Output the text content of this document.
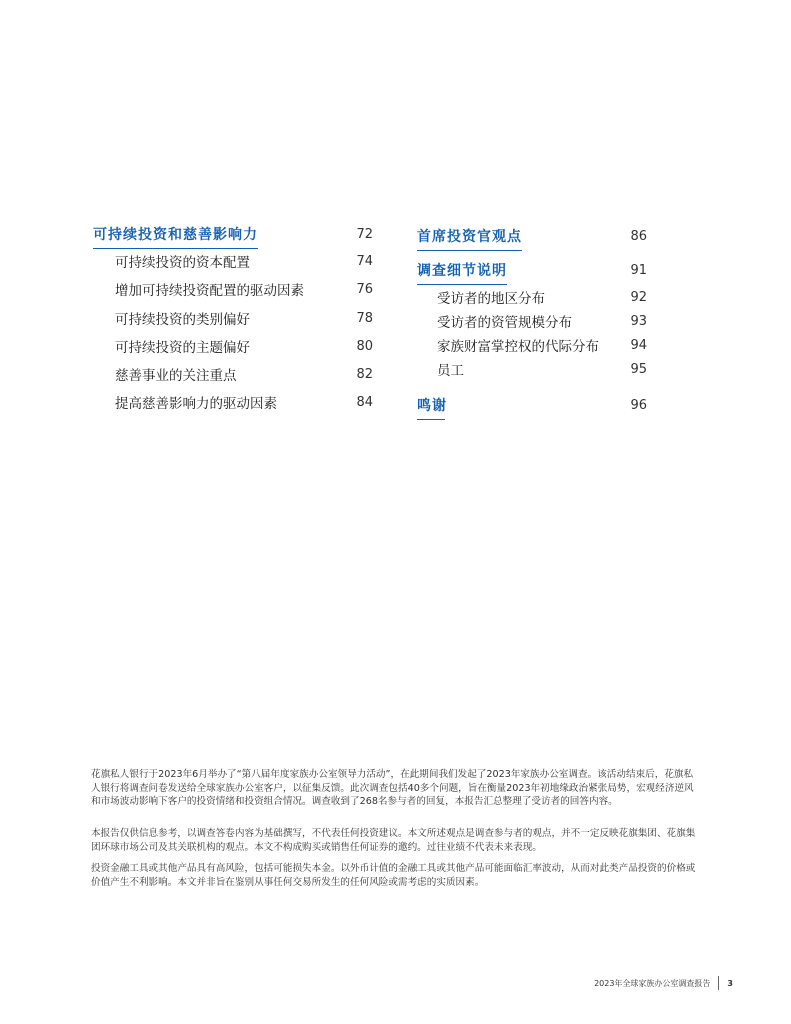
可持续投资和慈善影响力	72
可持续投资的资本配置	74
增加可持续投资配置的驱动因素	76
可持续投资的类别偏好	78
可持续投资的主题偏好	80
慈善事业的关注重点	82
提高慈善影响力的驱动因素	84
首席投资官观点	86
调查细节说明	91
受访者的地区分布	92
受访者的资管规模分布	93
家族财富掌控权的代际分布	94
员工	95
鸣谢	96

花旗私人银行于2023年6月举办了“第八届年度家族办公室领导力活动”，在此期间我们发起了2023年家族办公室调查。该活动结束后，花旗私人银行将调查问卷发送给全球家族办公室客户，以征集反馈。此次调查包括40多个问题，旨在衡量2023年初地缘政治紧张局势，宏观经济逆风和市场波动影响下客户的投资情绪和投资组合情况。调查收到了268名参与者的回复，本报告汇总整理了受访者的回答内容。

本报告仅供信息参考，以调查答卷内容为基础撰写，不代表任何投资建议。本文所述观点是调查参与者的观点，并不一定反映花旗集团、花旗集团环球市场公司及其关联机构的观点。本文不构成购买或销售任何证券的邀约。过往业绩不代表未来表现。

投资金融工具或其他产品具有高风险，包括可能损失本金。以外币计值的金融工具或其他产品可能面临汇率波动，从而对此类产品投资的价格或价值产生不利影响。本文并非旨在鉴别从事任何交易所发生的任何风险或需考虑的实质因素。

2023年全球家族办公室调查报告 3
